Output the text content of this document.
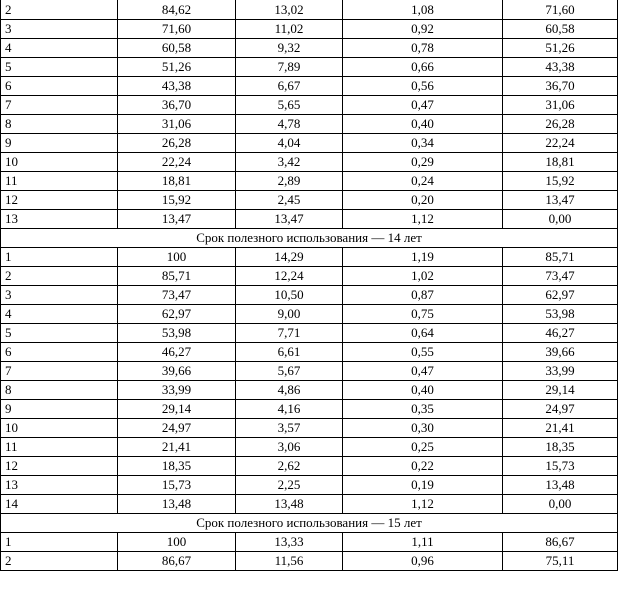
2	84,62	13,02	1,08	71,60
3	71,60	11,02	0,92	60,58
4	60,58	9,32	0,78	51,26
5	51,26	7,89	0,66	43,38
6	43,38	6,67	0,56	36,70
7	36,70	5,65	0,47	31,06
8	31,06	4,78	0,40	26,28
9	26,28	4,04	0,34	22,24
10	22,24	3,42	0,29	18,81
11	18,81	2,89	0,24	15,92
12	15,92	2,45	0,20	13,47
13	13,47	13,47	1,12	0,00
Срок полезного использования — 14 лет				
1	100	14,29	1,19	85,71
2	85,71	12,24	1,02	73,47
3	73,47	10,50	0,87	62,97
4	62,97	9,00	0,75	53,98
5	53,98	7,71	0,64	46,27
6	46,27	6,61	0,55	39,66
7	39,66	5,67	0,47	33,99
8	33,99	4,86	0,40	29,14
9	29,14	4,16	0,35	24,97
10	24,97	3,57	0,30	21,41
11	21,41	3,06	0,25	18,35
12	18,35	2,62	0,22	15,73
13	15,73	2,25	0,19	13,48
14	13,48	13,48	1,12	0,00
Срок полезного использования — 15 лет				
1	100	13,33	1,11	86,67
2	86,67	11,56	0,96	75,11
